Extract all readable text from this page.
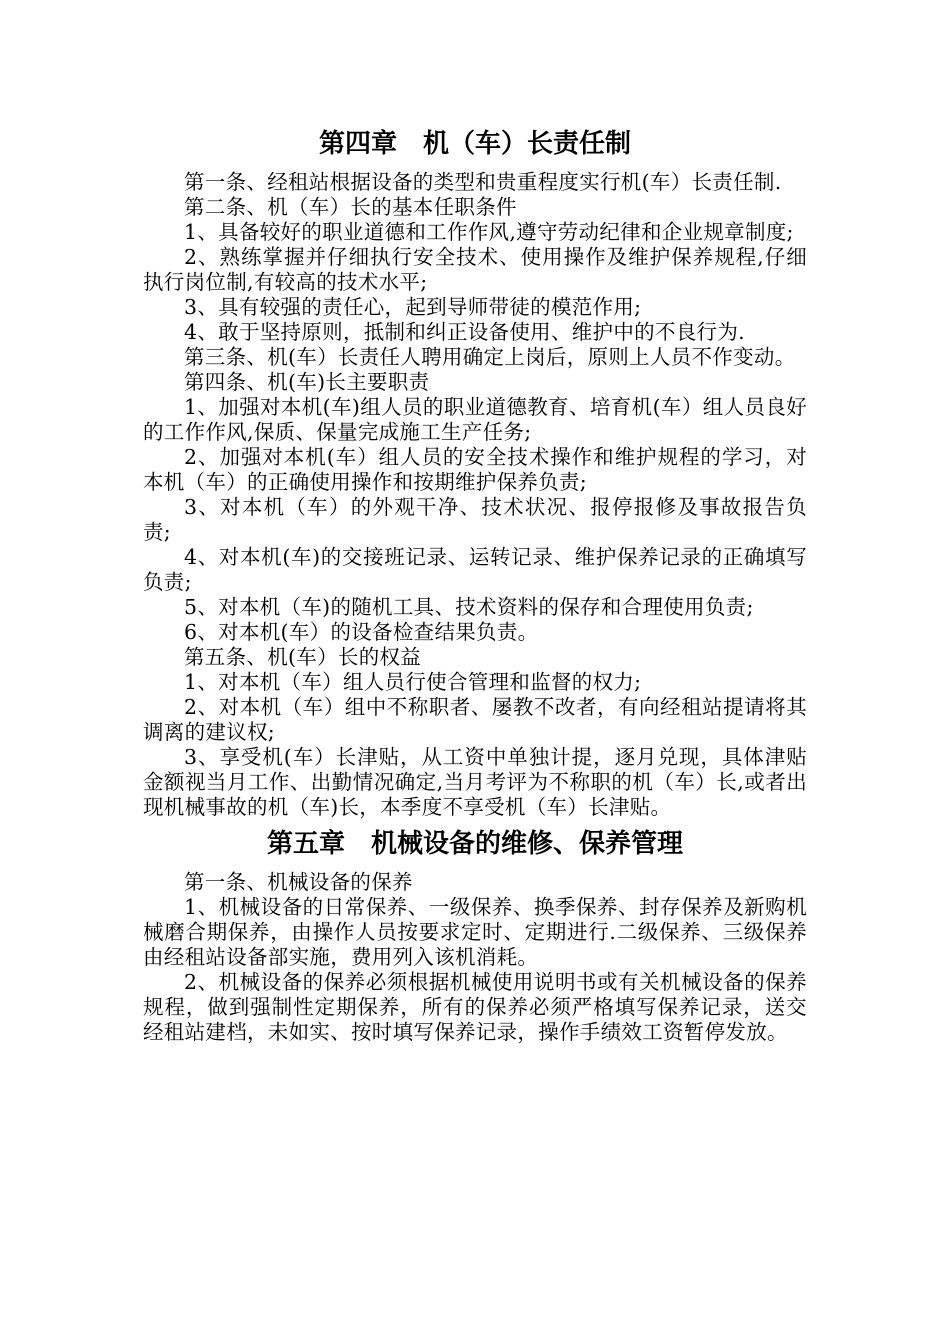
第四章　机（车）长责任制

第一条、经租站根据设备的类型和贵重程度实行机(车）长责任制.

第二条、机（车）长的基本任职条件

1、具备较好的职业道德和工作作风,遵守劳动纪律和企业规章制度;

2、熟练掌握并仔细执行安全技术、使用操作及维护保养规程,仔细执行岗位制,有较高的技术水平;

3、具有较强的责任心，起到导师带徒的模范作用;

4、敢于坚持原则，抵制和纠正设备使用、维护中的不良行为.

第三条、机(车）长责任人聘用确定上岗后，原则上人员不作变动。

第四条、机(车)长主要职责

1、加强对本机(车)组人员的职业道德教育、培育机(车）组人员良好的工作作风,保质、保量完成施工生产任务;

2、加强对本机(车）组人员的安全技术操作和维护规程的学习，对本机（车）的正确使用操作和按期维护保养负责;

3、对本机（车）的外观干净、技术状况、报停报修及事故报告负责;

4、对本机(车)的交接班记录、运转记录、维护保养记录的正确填写负责;

5、对本机（车)的随机工具、技术资料的保存和合理使用负责;

6、对本机(车）的设备检查结果负责。

第五条、机(车）长的权益

1、对本机（车）组人员行使合管理和监督的权力;

2、对本机（车）组中不称职者、屡教不改者，有向经租站提请将其调离的建议权;

3、享受机(车）长津贴，从工资中单独计提，逐月兑现，具体津贴金额视当月工作、出勤情况确定,当月考评为不称职的机（车）长,或者出现机械事故的机（车)长，本季度不享受机（车）长津贴。

第五章　机械设备的维修、保养管理

第一条、机械设备的保养

1、机械设备的日常保养、一级保养、换季保养、封存保养及新购机械磨合期保养，由操作人员按要求定时、定期进行.二级保养、三级保养由经租站设备部实施，费用列入该机消耗。

2、机械设备的保养必须根据机械使用说明书或有关机械设备的保养规程，做到强制性定期保养，所有的保养必须严格填写保养记录，送交经租站建档，未如实、按时填写保养记录，操作手绩效工资暂停发放。
